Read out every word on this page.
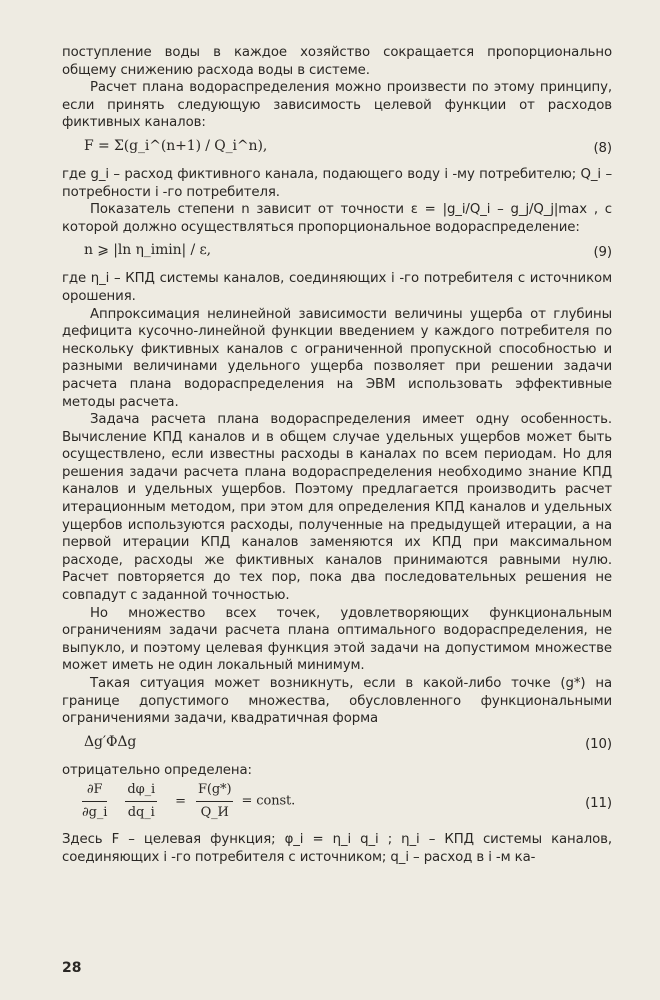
поступление воды в каждое хозяйство сокращается пропорционально общему снижению расхода воды в системе.

Расчет плана водораспределения можно произвести по этому принципу, если принять следующую зависимость целевой функции от расходов фиктивных каналов:

F = Σ(g_i^(n+1) / Q_i^n),	(8)

где g_i – расход фиктивного канала, подающего воду i -му потребителю; Q_i – потребности i -го потребителя.

Показатель степени n зависит от точности ε = |g_i/Q_i – g_j/Q_j|max , с которой должно осуществляться пропорциональное водораспределение:

n ⩾ |ln η_imin| / ε,	(9)

где η_i – КПД системы каналов, соединяющих i -го потребителя с источником орошения.

Аппроксимация нелинейной зависимости величины ущерба от глубины дефицита кусочно-линейной функции введением у каждого потребителя по нескольку фиктивных каналов с ограниченной пропускной способностью и разными величинами удельного ущерба позволяет при решении задачи расчета плана водораспределения на ЭВМ использовать эффективные методы расчета.

Задача расчета плана водораспределения имеет одну особенность. Вычисление КПД каналов и в общем случае удельных ущербов может быть осуществлено, если известны расходы в каналах по всем периодам. Но для решения задачи расчета плана водораспределения необходимо знание КПД каналов и удельных ущербов. Поэтому предлагается производить расчет итерационным методом, при этом для определения КПД каналов и удельных ущербов используются расходы, полученные на предыдущей итерации, а на первой итерации КПД каналов заменяются их КПД при максимальном расходе, расходы же фиктивных каналов принимаются равными нулю. Расчет повторяется до тех пор, пока два последовательных решения не совпадут с заданной точностью.

Но множество всех точек, удовлетворяющих функциональным ограничениям задачи расчета плана оптимального водораспределения, не выпукло, и поэтому целевая функция этой задачи на допустимом множестве может иметь не один локальный минимум.

Такая ситуация может возникнуть, если в какой-либо точке (g*) на границе допустимого множества, обусловленного функциональными ограничениями задачи, квадратичная форма

Δg′ΦΔg	(10)

отрицательно определена:

$\frac{\partial F}{\partial g\_i}$
$\frac{d\varphi\_i}{dq\_i}$ =
F(g*)
Q_И
= const.	(11)

Здесь F – целевая функция; φ_i = η_i q_i ; η_i – КПД системы каналов, соединяющих i -го потребителя с источником; q_i – расход в i -м ка-

28
